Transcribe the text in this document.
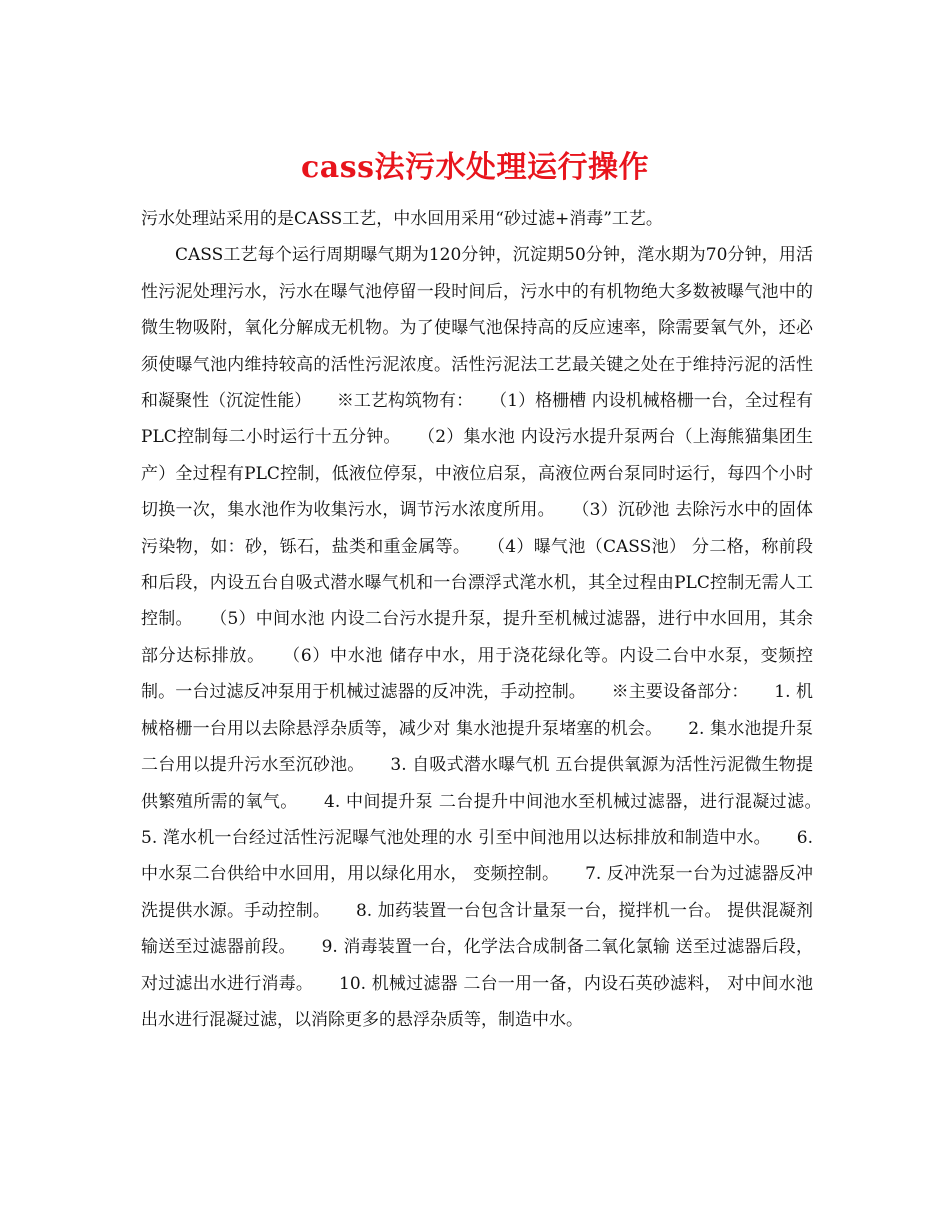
cass法污水处理运行操作

污水处理站采用的是CASS工艺，中水回用采用“砂过滤+消毒”工艺。

CASS工艺每个运行周期曝气期为120分钟，沉淀期50分钟，滗水期为70分钟，用活性污泥处理污水，污水在曝气池停留一段时间后，污水中的有机物绝大多数被曝气池中的微生物吸附，氧化分解成无机物。为了使曝气池保持高的反应速率，除需要氧气外，还必须使曝气池内维持较高的活性污泥浓度。活性污泥法工艺最关键之处在于维持污泥的活性和凝聚性（沉淀性能）　　※工艺构筑物有：　　（1）格栅槽 内设机械格栅一台，全过程有PLC控制每二小时运行十五分钟。　　（2）集水池 内设污水提升泵两台（上海熊猫集团生产）全过程有PLC控制，低液位停泵，中液位启泵，高液位两台泵同时运行，每四个小时切换一次，集水池作为收集污水，调节污水浓度所用。　　（3）沉砂池 去除污水中的固体污染物，如：砂，铄石，盐类和重金属等。　　（4）曝气池（CASS池） 分二格，称前段和后段，内设五台自吸式潜水曝气机和一台漂浮式滗水机，其全过程由PLC控制无需人工控制。　　（5）中间水池 内设二台污水提升泵，提升至机械过滤器，进行中水回用，其余部分达标排放。　　（6）中水池 储存中水，用于浇花绿化等。内设二台中水泵，变频控制。一台过滤反冲泵用于机械过滤器的反冲洗，手动控制。　　※主要设备部分：　　1. 机械格栅一台用以去除悬浮杂质等，减少对 集水池提升泵堵塞的机会。　　2. 集水池提升泵 二台用以提升污水至沉砂池。　　3. 自吸式潜水曝气机 五台提供氧源为活性污泥微生物提 供繁殖所需的氧气。　　4. 中间提升泵 二台提升中间池水至机械过滤器，进行混凝过滤。　　5. 滗水机一台经过活性污泥曝气池处理的水 引至中间池用以达标排放和制造中水。　　6. 中水泵二台供给中水回用，用以绿化用水， 变频控制。　　7. 反冲洗泵一台为过滤器反冲洗提供水源。手动控制。　　8. 加药装置一台包含计量泵一台，搅拌机一台。 提供混凝剂输送至过滤器前段。　　9. 消毒装置一台，化学法合成制备二氧化氯输 送至过滤器后段，对过滤出水进行消毒。　　10. 机械过滤器 二台一用一备，内设石英砂滤料， 对中间水池出水进行混凝过滤，以消除更多的悬浮杂质等，制造中水。
